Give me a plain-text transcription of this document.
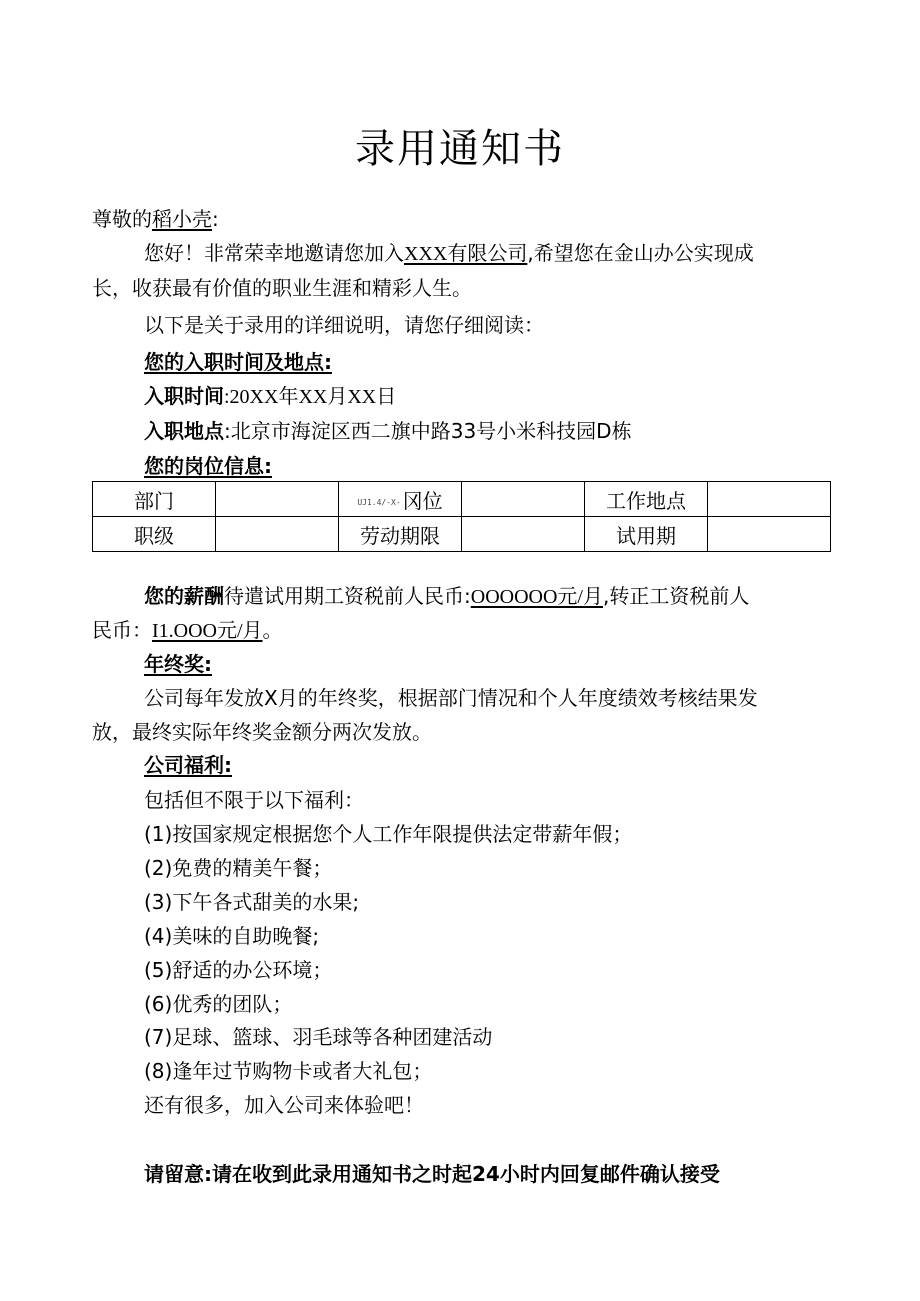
录用通知书
尊敬的稻小壳:
您好！非常荣幸地邀请您加入XXX有限公司,希望您在金山办公实现成
长，收获最有价值的职业生涯和精彩人生。
以下是关于录用的详细说明，请您仔细阅读：
您的入职时间及地点:
入职时间:20XX年XX月XX日
入职地点:北京市海淀区西二旗中路33号小米科技园D栋
您的岗位信息:
部门		UJ1.4/-X- 冈位		工作地点	
职级		劳动期限		试用期	
您的薪酬待遣试用期工资税前人民币:OOOOOO元/月,转正工资税前人
民币：I1.OOO元/月。
年终奖:
公司每年发放X月的年终奖，根据部门情况和个人年度绩效考核结果发
放，最终实际年终奖金额分两次发放。
公司福利:
包括但不限于以下福利：
(1)按国家规定根据您个人工作年限提供法定带薪年假；
(2)免费的精美午餐；
(3)下午各式甜美的水果;
(4)美味的自助晚餐;
(5)舒适的办公环境；
(6)优秀的团队；
(7)足球、篮球、羽毛球等各种团建活动
(8)逢年过节购物卡或者大礼包；
还有很多，加入公司来体验吧！
请留意:请在收到此录用通知书之时起24小时内回复邮件确认接受
